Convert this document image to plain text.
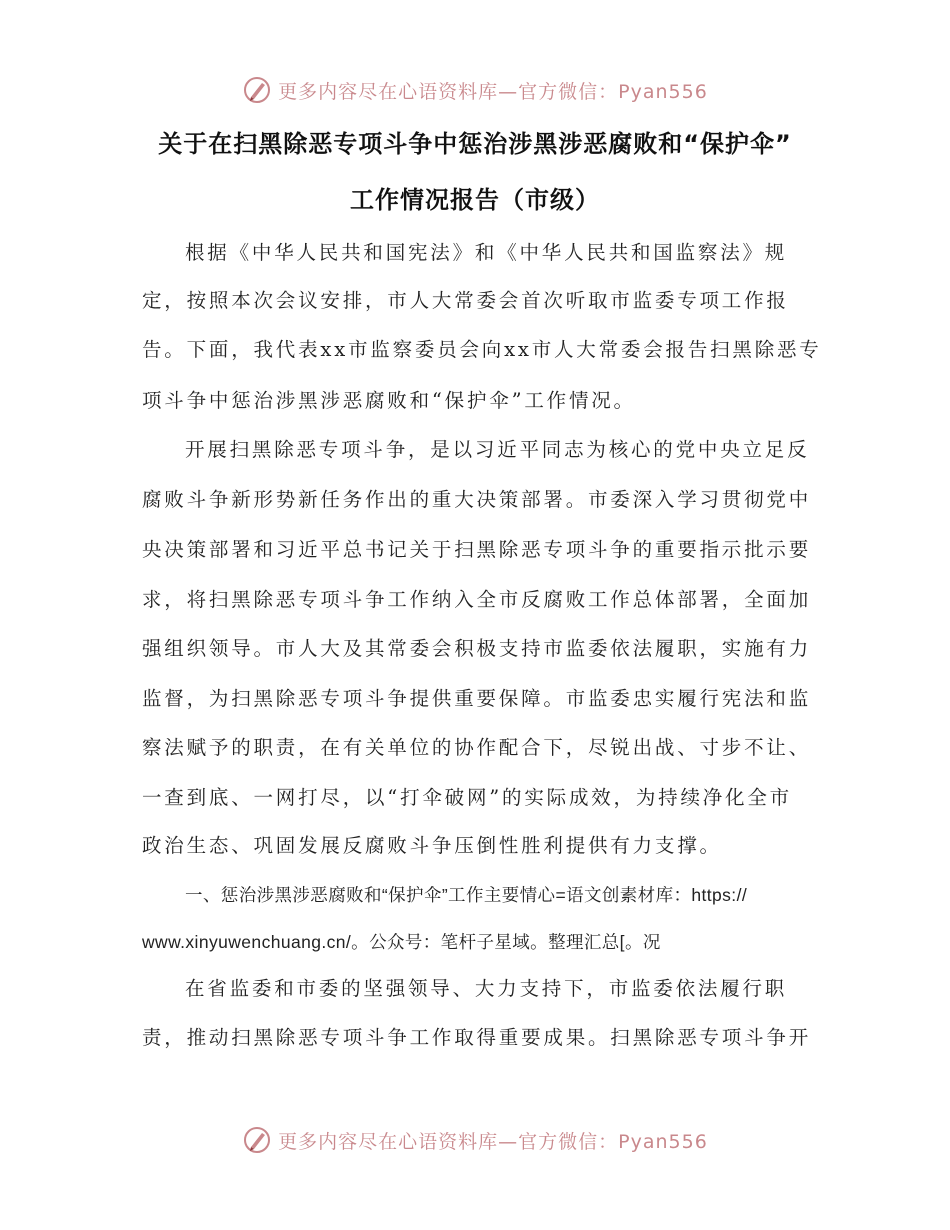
更多内容尽在心语资料库—官方微信：Pyan556
关于在扫黑除恶专项斗争中惩治涉黑涉恶腐败和“保护伞”
工作情况报告（市级）
根据《中华人民共和国宪法》和《中华人民共和国监察法》规
定，按照本次会议安排，市人大常委会首次听取市监委专项工作报
告。下面，我代表xx市监察委员会向xx市人大常委会报告扫黑除恶专
项斗争中惩治涉黑涉恶腐败和“保护伞”工作情况。
开展扫黑除恶专项斗争，是以习近平同志为核心的党中央立足反
腐败斗争新形势新任务作出的重大决策部署。市委深入学习贯彻党中
央决策部署和习近平总书记关于扫黑除恶专项斗争的重要指示批示要
求，将扫黑除恶专项斗争工作纳入全市反腐败工作总体部署，全面加
强组织领导。市人大及其常委会积极支持市监委依法履职，实施有力
监督，为扫黑除恶专项斗争提供重要保障。市监委忠实履行宪法和监
察法赋予的职责，在有关单位的协作配合下，尽锐出战、寸步不让、
一查到底、一网打尽，以“打伞破网”的实际成效，为持续净化全市
政治生态、巩固发展反腐败斗争压倒性胜利提供有力支撑。
一、惩治涉黑涉恶腐败和“保护伞”工作主要情心=语文创素材库：https://
www.xinyuwenchuang.cn/。公众号：笔杆子星域。整理汇总[。况
在省监委和市委的坚强领导、大力支持下，市监委依法履行职
责，推动扫黑除恶专项斗争工作取得重要成果。扫黑除恶专项斗争开
更多内容尽在心语资料库—官方微信：Pyan556
